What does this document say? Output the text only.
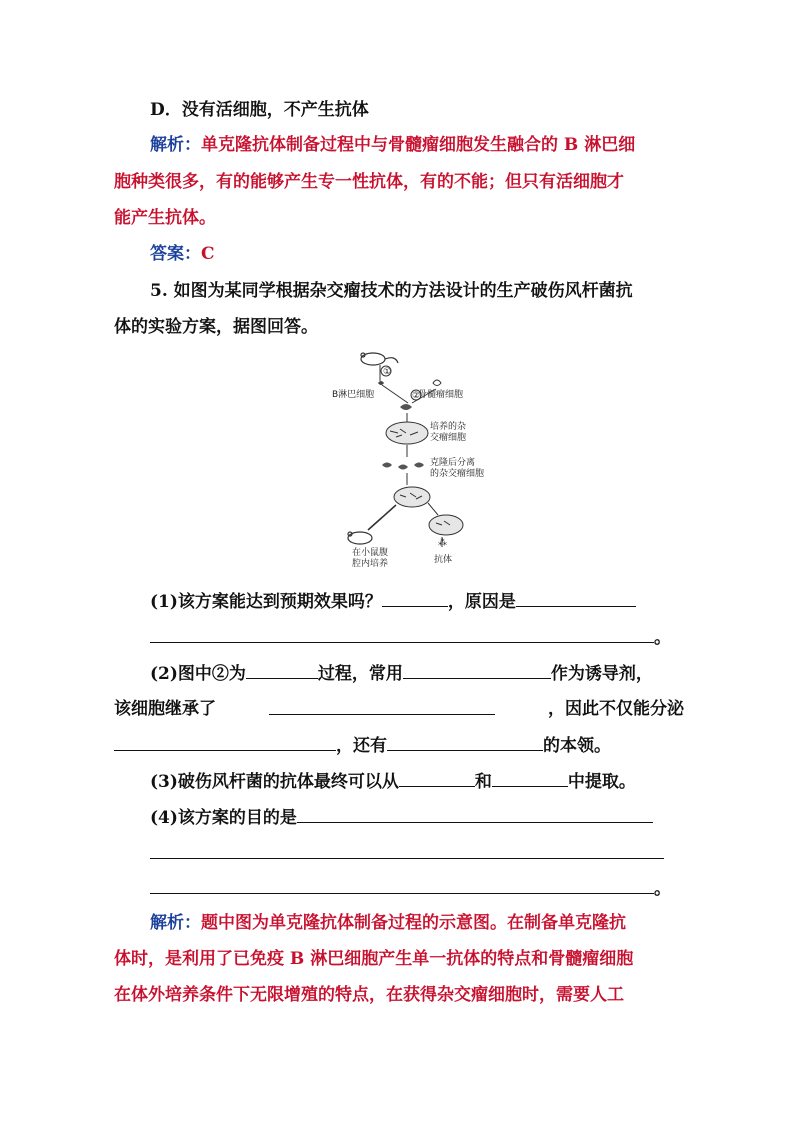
D．没有活细胞，不产生抗体
解析：单克隆抗体制备过程中与骨髓瘤细胞发生融合的 B 淋巴细
胞种类很多，有的能够产生专一性抗体，有的不能；但只有活细胞才
能产生抗体。
答案：C
5. 如图为某同学根据杂交瘤技术的方法设计的生产破伤风杆菌抗
体的实验方案，据图回答。
①
B淋巴细胞	骨髓瘤细胞
②
培养的杂
交瘤细胞
克隆后分离
的杂交瘤细胞
在小鼠腹
腔内培养
⁂
抗体
(1)该方案能达到预期效果吗？	，原因是
。
(2)图中②为	过程，常用	作为诱导剂，
该细胞继承了	，因此不仅能分泌
，还有	的本领。
(3)破伤风杆菌的抗体最终可以从	和	中提取。
(4)该方案的目的是
。
解析：题中图为单克隆抗体制备过程的示意图。在制备单克隆抗
体时，是利用了已免疫 B 淋巴细胞产生单一抗体的特点和骨髓瘤细胞
在体外培养条件下无限增殖的特点，在获得杂交瘤细胞时，需要人工
